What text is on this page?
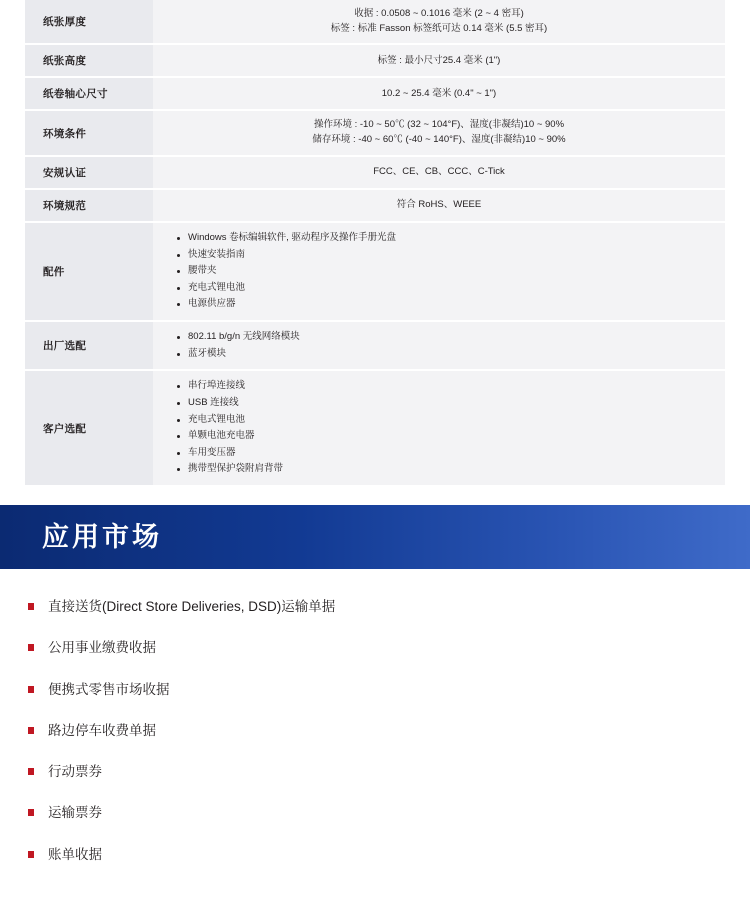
纸张厚度	收据 : 0.0508 ~ 0.1016 毫米 (2 ~ 4 密耳)
标签 : 标准 Fasson 标签纸可达 0.14 毫米 (5.5 密耳)

纸张高度	标签 : 最小尺寸25.4 毫米 (1")

纸卷轴心尺寸	10.2 ~ 25.4 毫米 (0.4" ~ 1")

环境条件	操作环境 : -10 ~ 50℃ (32 ~ 104°F)、湿度(非凝结)10 ~ 90%
储存环境 : -40 ~ 60℃ (-40 ~ 140°F)、湿度(非凝结)10 ~ 90%

安规认证	FCC、CE、CB、CCC、C-Tick

环境规范	符合 RoHS、WEEE

配件	
Windows 卷标编辑软件, 驱动程序及操作手册光盘
快速安装指南
腰带夹
充电式锂电池
电源供应器

出厂选配	
802.11 b/g/n 无线网络模块
蓝牙模块

客户选配	
串行埠连接线
USB 连接线
充电式锂电池
单颗电池充电器
车用变压器
携带型保护袋附肩背带
应用市场
直接送货(Direct Store Deliveries, DSD)运输单据
公用事业缴费收据
便携式零售市场收据
路边停车收费单据
行动票券
运输票券
账单收据
